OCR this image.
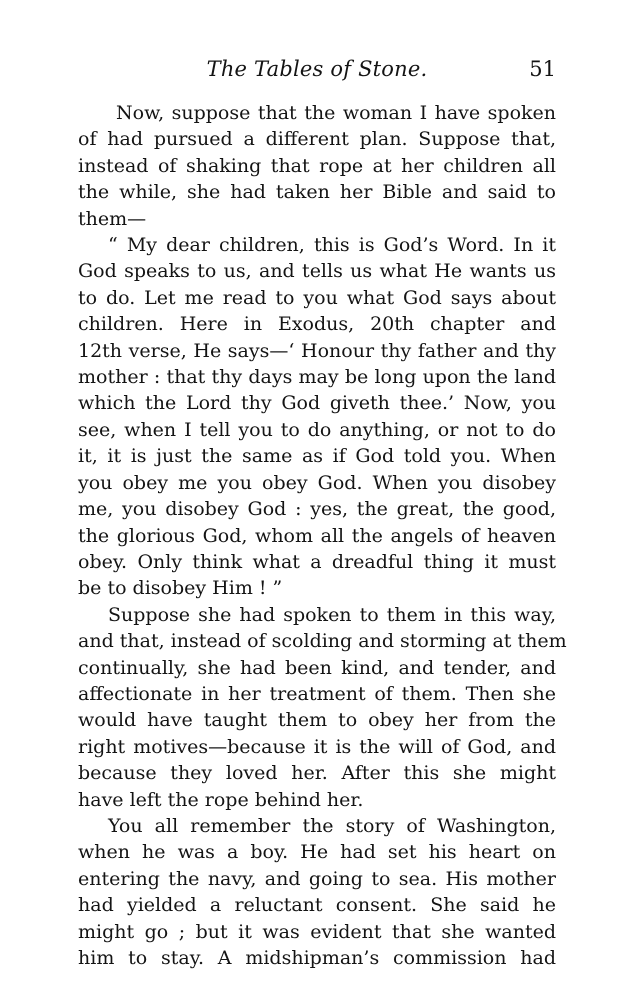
The Tables of Stone.	51
Now, suppose that the woman I have spoken
of had pursued a different plan. Suppose that,
instead of shaking that rope at her children all
the while, she had taken her Bible and said to
them—
“ My dear children, this is God’s Word. In it
God speaks to us, and tells us what He wants us
to do. Let me read to you what God says about
children. Here in Exodus, 20th chapter and
12th verse, He says—‘ Honour thy father and thy
mother : that thy days may be long upon the land
which the Lord thy God giveth thee.’ Now, you
see, when I tell you to do anything, or not to do
it, it is just the same as if God told you. When
you obey me you obey God. When you disobey
me, you disobey God : yes, the great, the good,
the glorious God, whom all the angels of heaven
obey. Only think what a dreadful thing it must
be to disobey Him ! ”
Suppose she had spoken to them in this way,
and that, instead of scolding and storming at them
continually, she had been kind, and tender, and
affectionate in her treatment of them. Then she
would have taught them to obey her from the
right motives—because it is the will of God, and
because they loved her. After this she might
have left the rope behind her.
You all remember the story of Washington,
when he was a boy. He had set his heart on
entering the navy, and going to sea. His mother
had yielded a reluctant consent. She said he
might go ; but it was evident that she wanted
him to stay. A midshipman’s commission had
